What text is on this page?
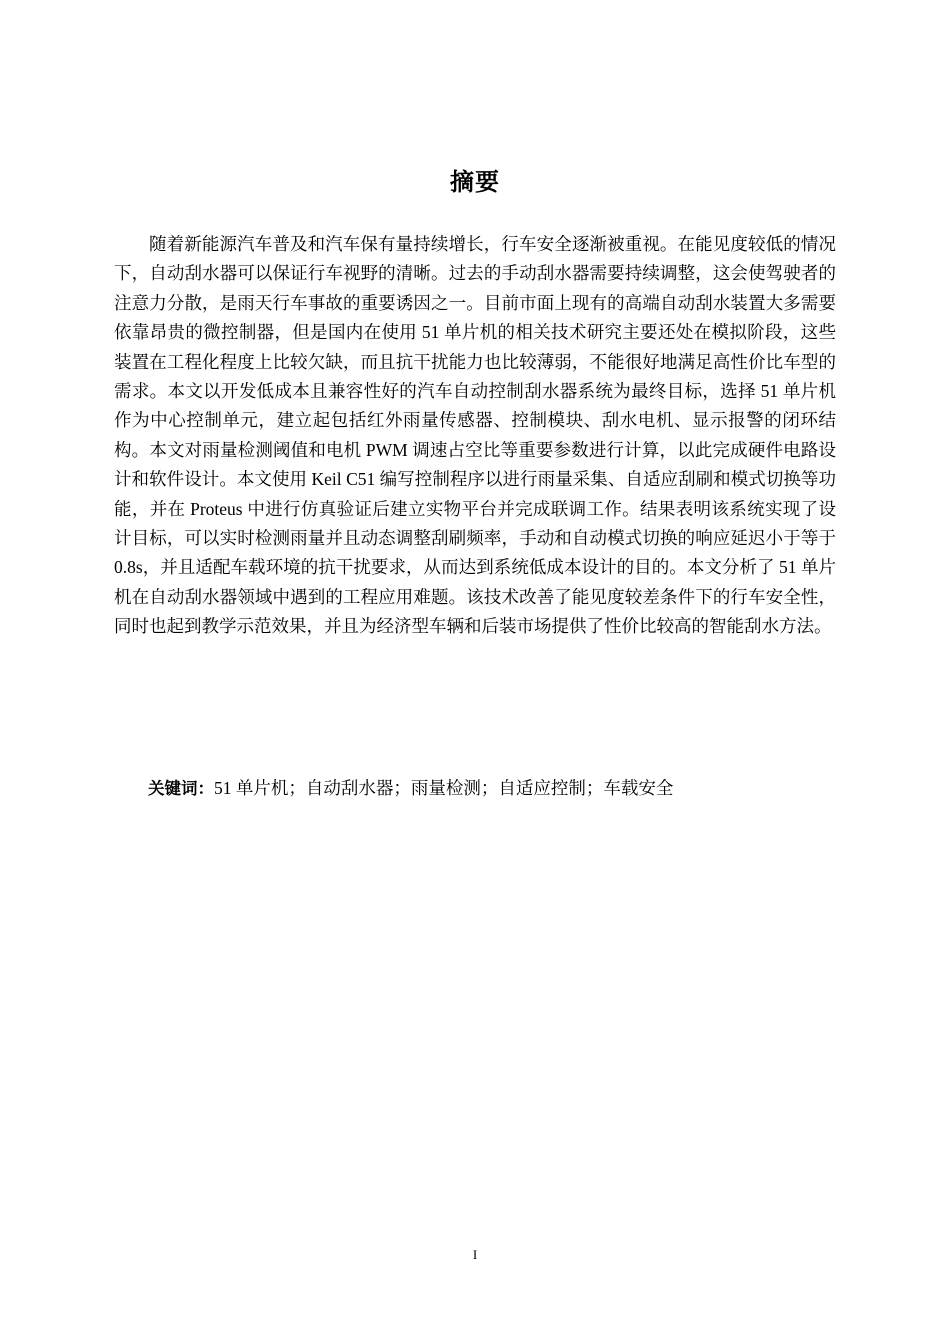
摘要

随着新能源汽车普及和汽车保有量持续增长，行车安全逐渐被重视。在能见度较低的情况下，自动刮水器可以保证行车视野的清晰。过去的手动刮水器需要持续调整，这会使驾驶者的注意力分散，是雨天行车事故的重要诱因之一。目前市面上现有的高端自动刮水装置大多需要依靠昂贵的微控制器，但是国内在使用 51 单片机的相关技术研究主要还处在模拟阶段，这些装置在工程化程度上比较欠缺，而且抗干扰能力也比较薄弱，不能很好地满足高性价比车型的需求。本文以开发低成本且兼容性好的汽车自动控制刮水器系统为最终目标，选择 51 单片机作为中心控制单元，建立起包括红外雨量传感器、控制模块、刮水电机、显示报警的闭环结构。本文对雨量检测阈值和电机 PWM 调速占空比等重要参数进行计算，以此完成硬件电路设计和软件设计。本文使用 Keil C51 编写控制程序以进行雨量采集、自适应刮刷和模式切换等功能，并在 Proteus 中进行仿真验证后建立实物平台并完成联调工作。结果表明该系统实现了设计目标，可以实时检测雨量并且动态调整刮刷频率，手动和自动模式切换的响应延迟小于等于 0.8s，并且适配车载环境的抗干扰要求，从而达到系统低成本设计的目的。本文分析了 51 单片机在自动刮水器领域中遇到的工程应用难题。该技术改善了能见度较差条件下的行车安全性，同时也起到教学示范效果，并且为经济型车辆和后装市场提供了性价比较高的智能刮水方法。

关键词：51 单片机；自动刮水器；雨量检测；自适应控制；车载安全
I
